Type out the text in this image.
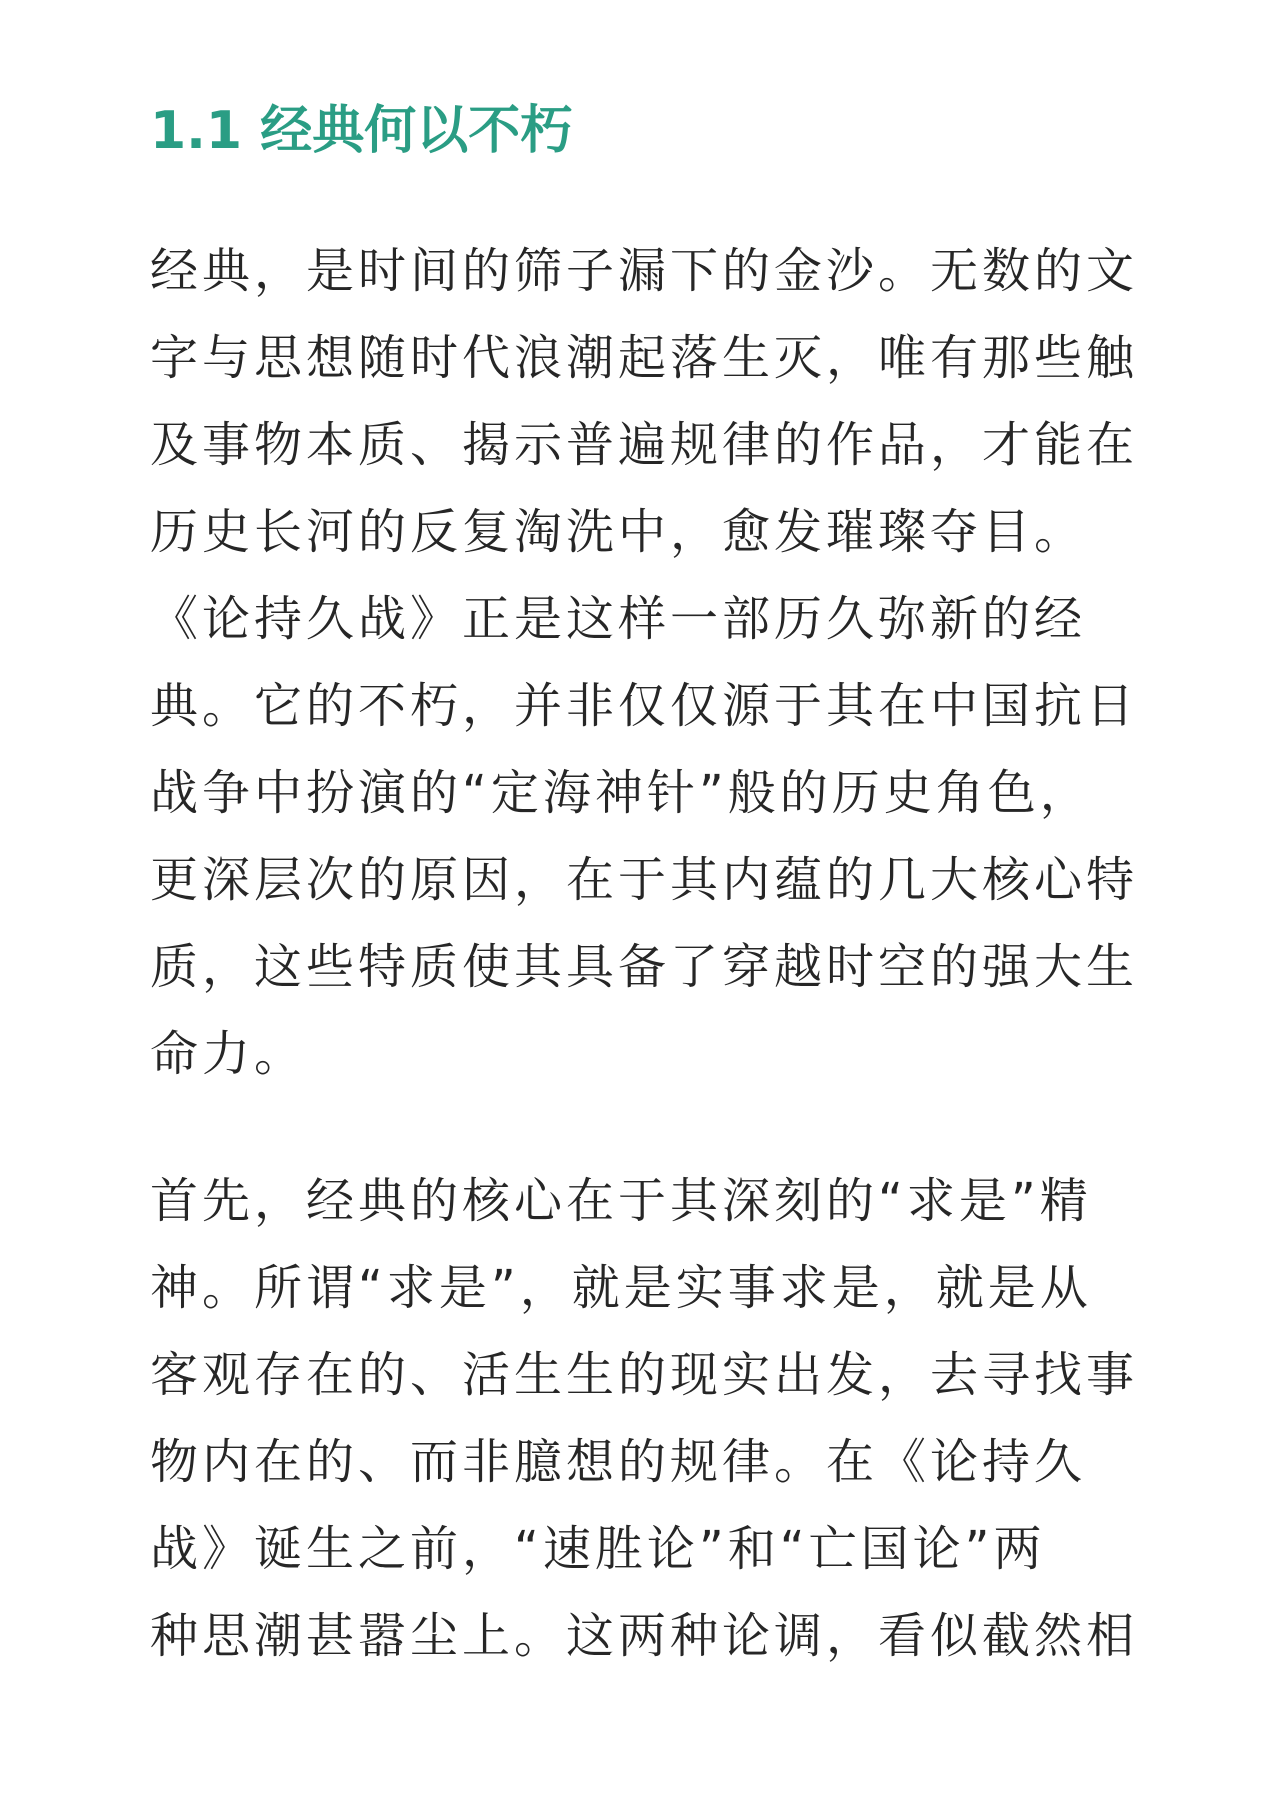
1.1 经典何以不朽
经典，是时间的筛子漏下的金沙。无数的文
字与思想随时代浪潮起落生灭，唯有那些触
及事物本质、揭示普遍规律的作品，才能在
历史长河的反复淘洗中，愈发璀璨夺目。
《论持久战》正是这样一部历久弥新的经
典。它的不朽，并非仅仅源于其在中国抗日
战争中扮演的“定海神针”般的历史角色，
更深层次的原因，在于其内蕴的几大核心特
质，这些特质使其具备了穿越时空的强大生
命力。
首先，经典的核心在于其深刻的“求是”精
神。所谓“求是”，就是实事求是，就是从
客观存在的、活生生的现实出发，去寻找事
物内在的、而非臆想的规律。在《论持久
战》诞生之前，“速胜论”和“亡国论”两
种思潮甚嚣尘上。这两种论调，看似截然相
